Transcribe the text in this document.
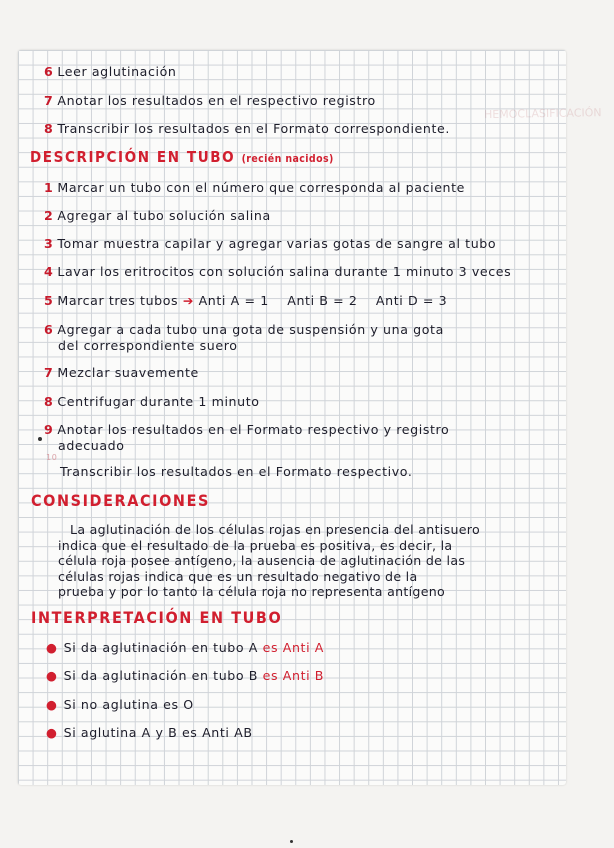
HEMOCLASIFICACIÓN
6 Leer aglutinación
7 Anotar los resultados en el respectivo registro
8 Transcribir los resultados en el Formato correspondiente.
DESCRIPCIÓN EN TUBO (recién nacidos)
1 Marcar un tubo con el número que corresponda al paciente
2 Agregar al tubo solución salina
3 Tomar muestra capilar y agregar varias gotas de sangre al tubo
4 Lavar los eritrocitos con solución salina durante 1 minuto 3 veces
5 Marcar tres tubos ➔ Anti A = 1 Anti B = 2 Anti D = 3
6 Agregar a cada tubo una gota de suspensión y una gota
del correspondiente suero
7 Mezclar suavemente
8 Centrifugar durante 1 minuto
9 Anotar los resultados en el Formato respectivo y registro
adecuado
10
Transcribir los resultados en el Formato respectivo.
CONSIDERACIONES
La aglutinación de los células rojas en presencia del antisuero
indica que el resultado de la prueba es positiva, es decir, la
célula roja posee antígeno, la ausencia de aglutinación de las
células rojas indica que es un resultado negativo de la
prueba y por lo tanto la célula roja no representa antígeno
INTERPRETACIÓN EN TUBO
● Si da aglutinación en tubo A es Anti A
● Si da aglutinación en tubo B es Anti B
● Si no aglutina es O
● Si aglutina A y B es Anti AB
